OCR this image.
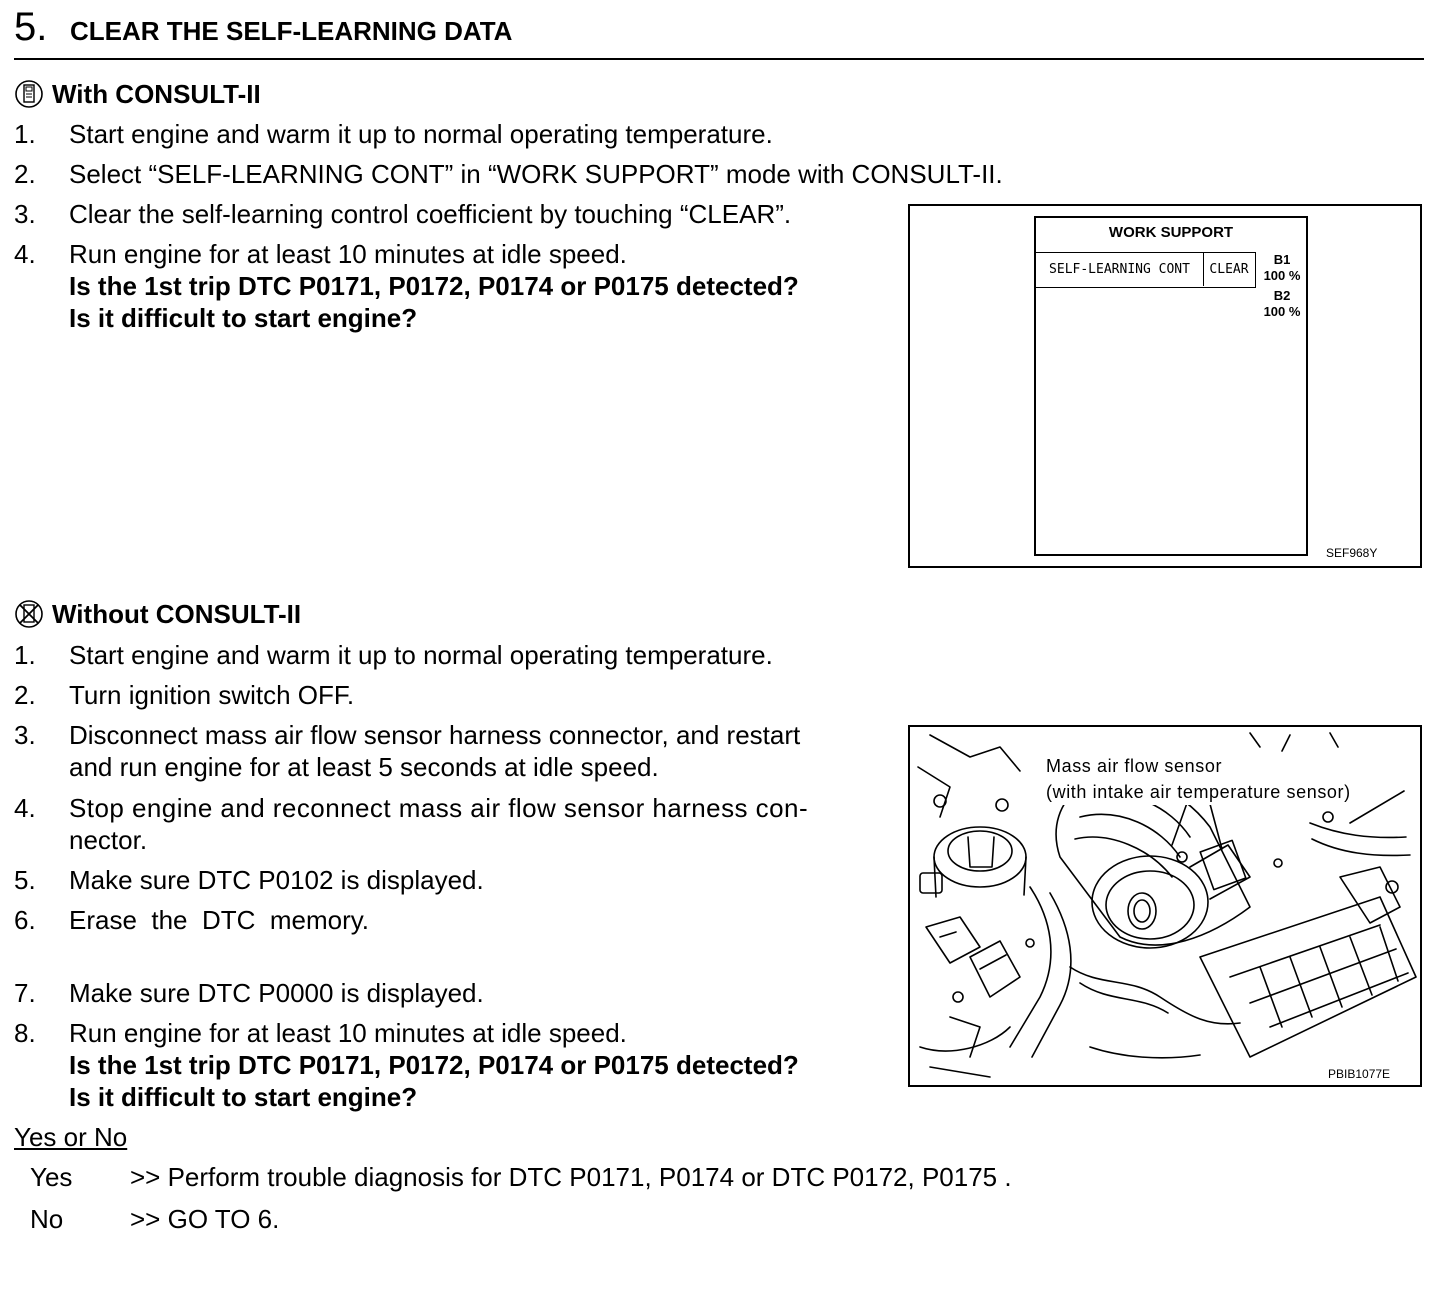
5. CLEAR THE SELF-LEARNING DATA
With CONSULT-II
1. Start engine and warm it up to normal operating temperature.
2. Select “SELF-LEARNING CONT” in “WORK SUPPORT” mode with CONSULT-II.
3. Clear the self-learning control coefficient by touching “CLEAR”.
4. Run engine for at least 10 minutes at idle speed.
Is the 1st trip DTC P0171, P0172, P0174 or P0175 detected?
Is it difficult to start engine?
WORK SUPPORT
SELF-LEARNING CONT	CLEAR
B1
100 %
B2
100 %
SEF968Y
Without CONSULT-II
1. Start engine and warm it up to normal operating temperature.
2. Turn ignition switch OFF.
3. Disconnect mass air flow sensor harness connector, and restart
and run engine for at least 5 seconds at idle speed.
4. Stop engine and reconnect mass air flow sensor harness con-
nector.
5. Make sure DTC P0102 is displayed.
6. Erase  the  DTC  memory.
7. Make sure DTC P0000 is displayed.
8. Run engine for at least 10 minutes at idle speed.
Is the 1st trip DTC P0171, P0172, P0174 or P0175 detected?
Is it difficult to start engine?
Mass air flow sensor
(with intake air temperature sensor)
PBIB1077E
Yes or No
Yes >> Perform trouble diagnosis for DTC P0171, P0174 or DTC P0172, P0175 .
No	>> GO TO 6.
